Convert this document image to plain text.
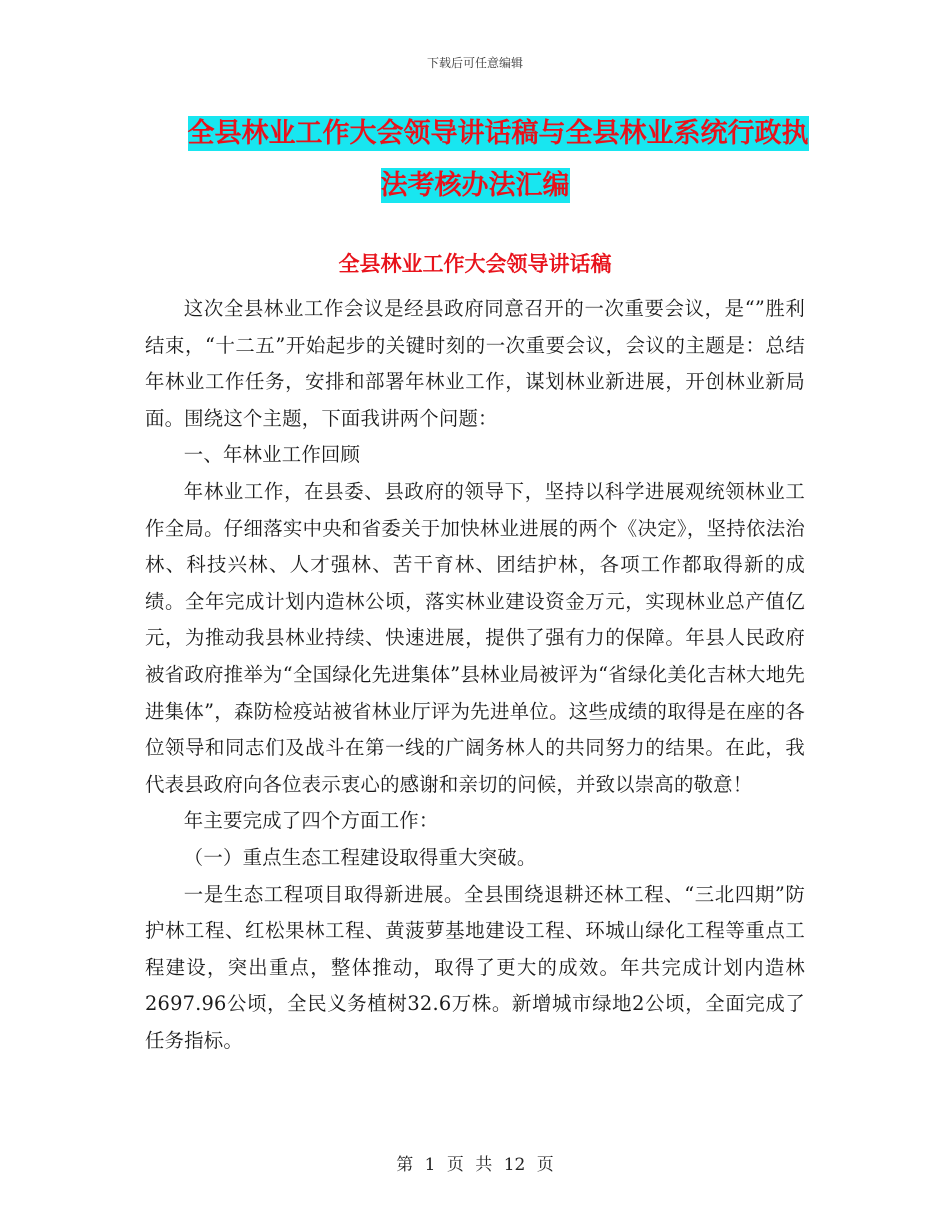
下载后可任意编辑
全县林业工作大会领导讲话稿与全县林业系统行政执
法考核办法汇编
全县林业工作大会领导讲话稿

这次全县林业工作会议是经县政府同意召开的一次重要会议，是“”胜利结束，“十二五”开始起步的关键时刻的一次重要会议，会议的主题是：总结年林业工作任务，安排和部署年林业工作，谋划林业新进展，开创林业新局面。围绕这个主题，下面我讲两个问题：

一、年林业工作回顾

年林业工作，在县委、县政府的领导下，坚持以科学进展观统领林业工作全局。仔细落实中央和省委关于加快林业进展的两个《决定》，坚持依法治林、科技兴林、人才强林、苦干育林、团结护林，各项工作都取得新的成绩。全年完成计划内造林公顷，落实林业建设资金万元，实现林业总产值亿元，为推动我县林业持续、快速进展，提供了强有力的保障。年县人民政府被省政府推举为“全国绿化先进集体”县林业局被评为“省绿化美化吉林大地先进集体”，森防检疫站被省林业厅评为先进单位。这些成绩的取得是在座的各位领导和同志们及战斗在第一线的广阔务林人的共同努力的结果。在此，我代表县政府向各位表示衷心的感谢和亲切的问候，并致以崇高的敬意！

年主要完成了四个方面工作：

（一）重点生态工程建设取得重大突破。

一是生态工程项目取得新进展。全县围绕退耕还林工程、“三北四期”防护林工程、红松果林工程、黄菠萝基地建设工程、环城山绿化工程等重点工程建设，突出重点，整体推动，取得了更大的成效。年共完成计划内造林2697.96公顷，全民义务植树32.6万株。新增城市绿地2公顷，全面完成了任务指标。

第 1 页 共 12 页
